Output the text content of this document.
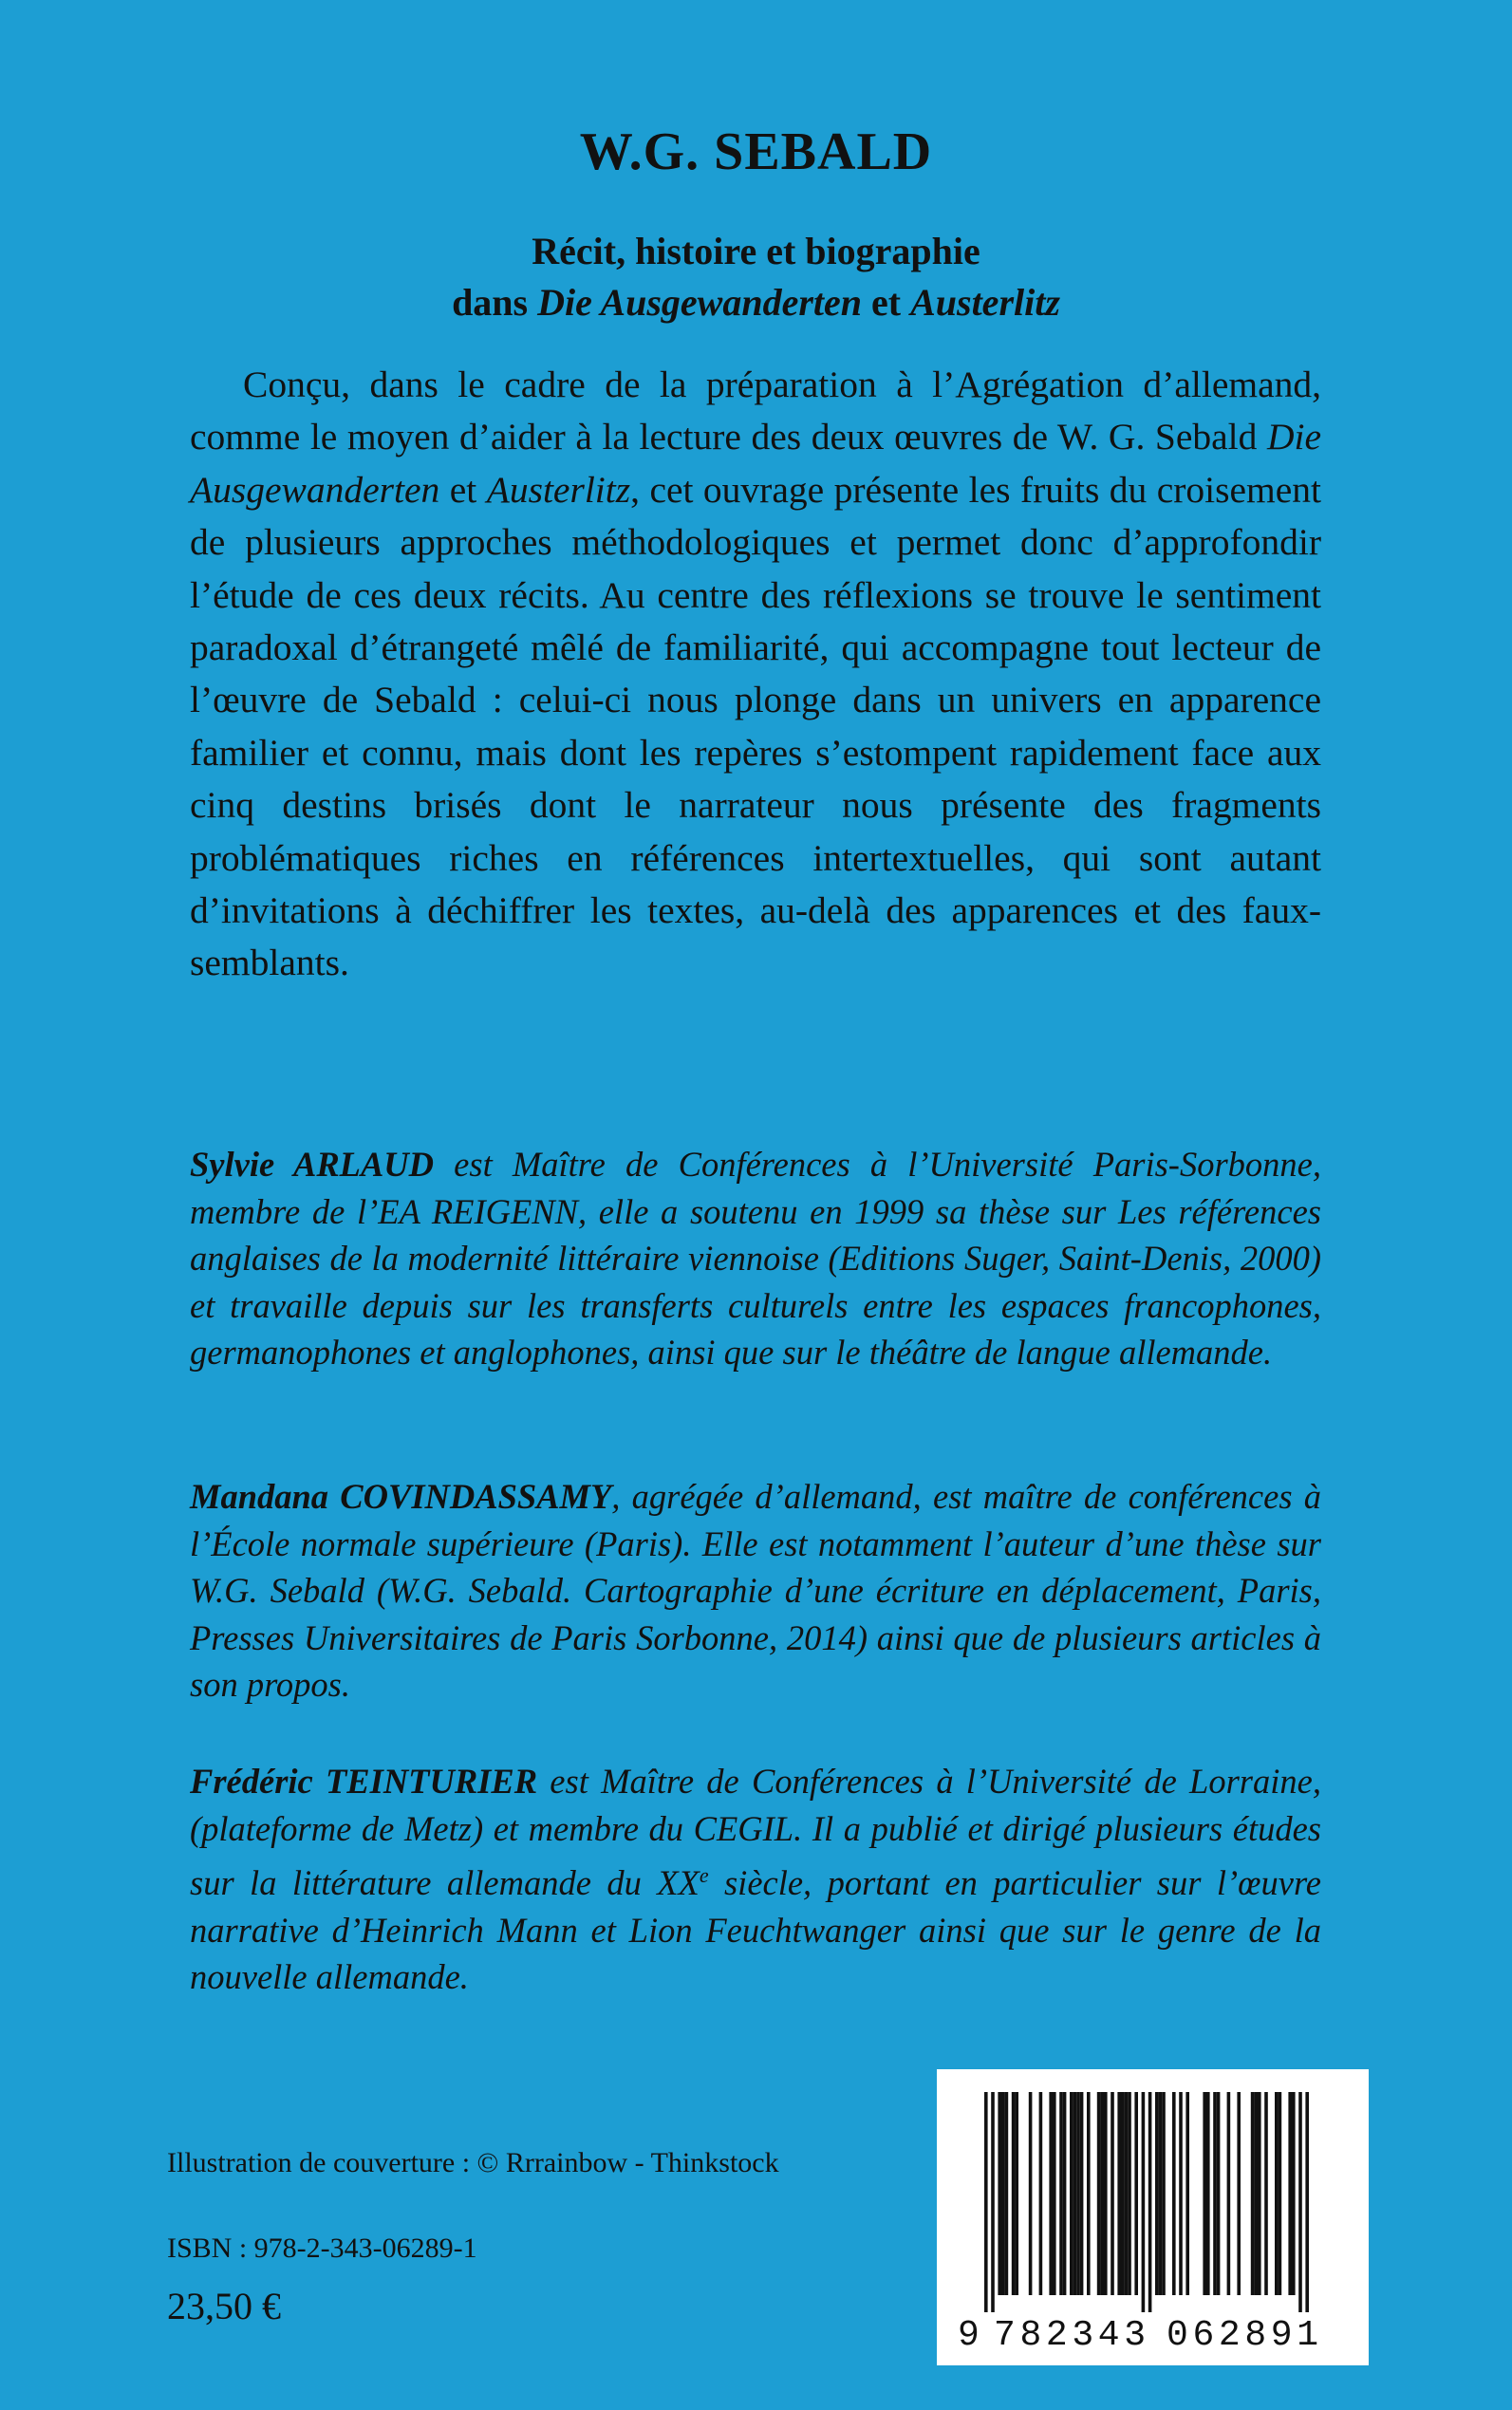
W.G. SEBALD
Récit, histoire et biographie
dans Die Ausgewanderten et Austerlitz

Conçu, dans le cadre de la préparation à l’Agrégation d’allemand, comme le moyen d’aider à la lecture des deux œuvres de W. G. Sebald Die Ausgewanderten et Austerlitz, cet ouvrage présente les fruits du croisement de plusieurs approches méthodologiques et permet donc d’approfondir l’étude de ces deux récits. Au centre des réflexions se trouve le sentiment paradoxal d’étrangeté mêlé de familiarité, qui accompagne tout lecteur de l’œuvre de Sebald : celui-ci nous plonge dans un univers en apparence familier et connu, mais dont les repères s’estompent rapidement face aux cinq destins brisés dont le narrateur nous présente des fragments problématiques riches en références intertextuelles, qui sont autant d’invitations à déchiffrer les textes, au-delà des apparences et des faux-semblants.

Sylvie ARLAUD est Maître de Conférences à l’Université Paris-Sorbonne, membre de l’EA REIGENN, elle a soutenu en 1999 sa thèse sur Les références anglaises de la modernité littéraire viennoise (Editions Suger, Saint-Denis, 2000) et travaille depuis sur les transferts culturels entre les espaces francophones, germanophones et anglophones, ainsi que sur le théâtre de langue allemande.

Mandana COVINDASSAMY, agrégée d’allemand, est maître de conférences à l’École normale supérieure (Paris). Elle est notamment l’auteur d’une thèse sur W.G. Sebald (W.G. Sebald. Cartographie d’une écriture en déplacement, Paris, Presses Universitaires de Paris Sorbonne, 2014) ainsi que de plusieurs articles à son propos.

Frédéric TEINTURIER est Maître de Conférences à l’Université de Lorraine, (plateforme de Metz) et membre du CEGIL. Il a publié et dirigé plusieurs études sur la littérature allemande du XXe siècle, portant en particulier sur l’œuvre narrative d’Heinrich Mann et Lion Feuchtwanger ainsi que sur le genre de la nouvelle allemande.

Illustration de couverture : © Rrrainbow - Thinkstock
ISBN : 978-2-343-06289-1
23,50 €
9 782343 062891
